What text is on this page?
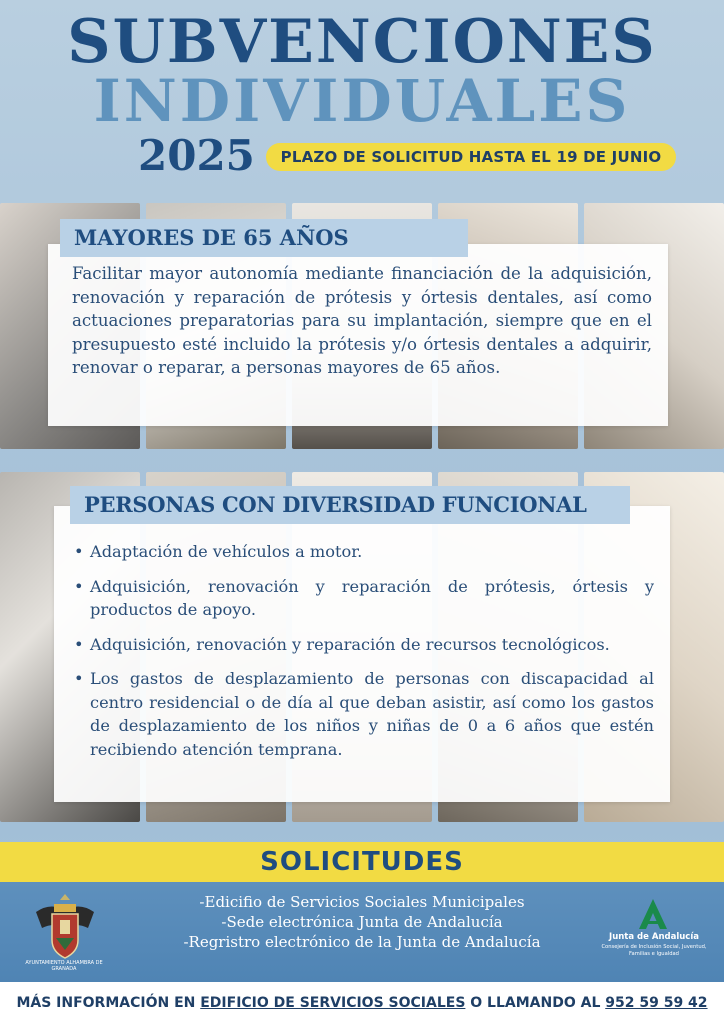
SUBVENCIONES
INDIVIDUALES
2025	PLAZO DE SOLICITUD HASTA EL 19 DE JUNIO
Facilitar mayor autonomía mediante financiación de la adquisición, renovación y reparación de prótesis y órtesis dentales, así como actuaciones preparatorias para su implantación, siempre que en el presupuesto esté incluido la prótesis y/o órtesis dentales a adquirir, renovar o reparar, a personas mayores de 65 años.
MAYORES DE 65 AÑOS
• Adaptación de vehículos a motor.
• Adquisición, renovación y reparación de prótesis, órtesis y productos de apoyo.
• Adquisición, renovación y reparación de recursos tecnológicos.
• Los gastos de desplazamiento de personas con discapacidad al centro residencial o de día al que deban asistir, así como los gastos de desplazamiento de los niños y niñas de 0 a 6 años que estén recibiendo atención temprana.
PERSONAS CON DIVERSIDAD FUNCIONAL
SOLICITUDES
-Edicifio de Servicios Sociales Municipales
-Sede electrónica Junta de Andalucía
-Regristro electrónico de la Junta de Andalucía
AYUNTAMIENTO ALHAMBRA DE GRANADA
Junta de Andalucía
Consejería de Inclusión Social, Juventud, Familias e Igualdad
MÁS INFORMACIÓN EN EDIFICIO DE SERVICIOS SOCIALES O LLAMANDO AL 952 59 59 42
